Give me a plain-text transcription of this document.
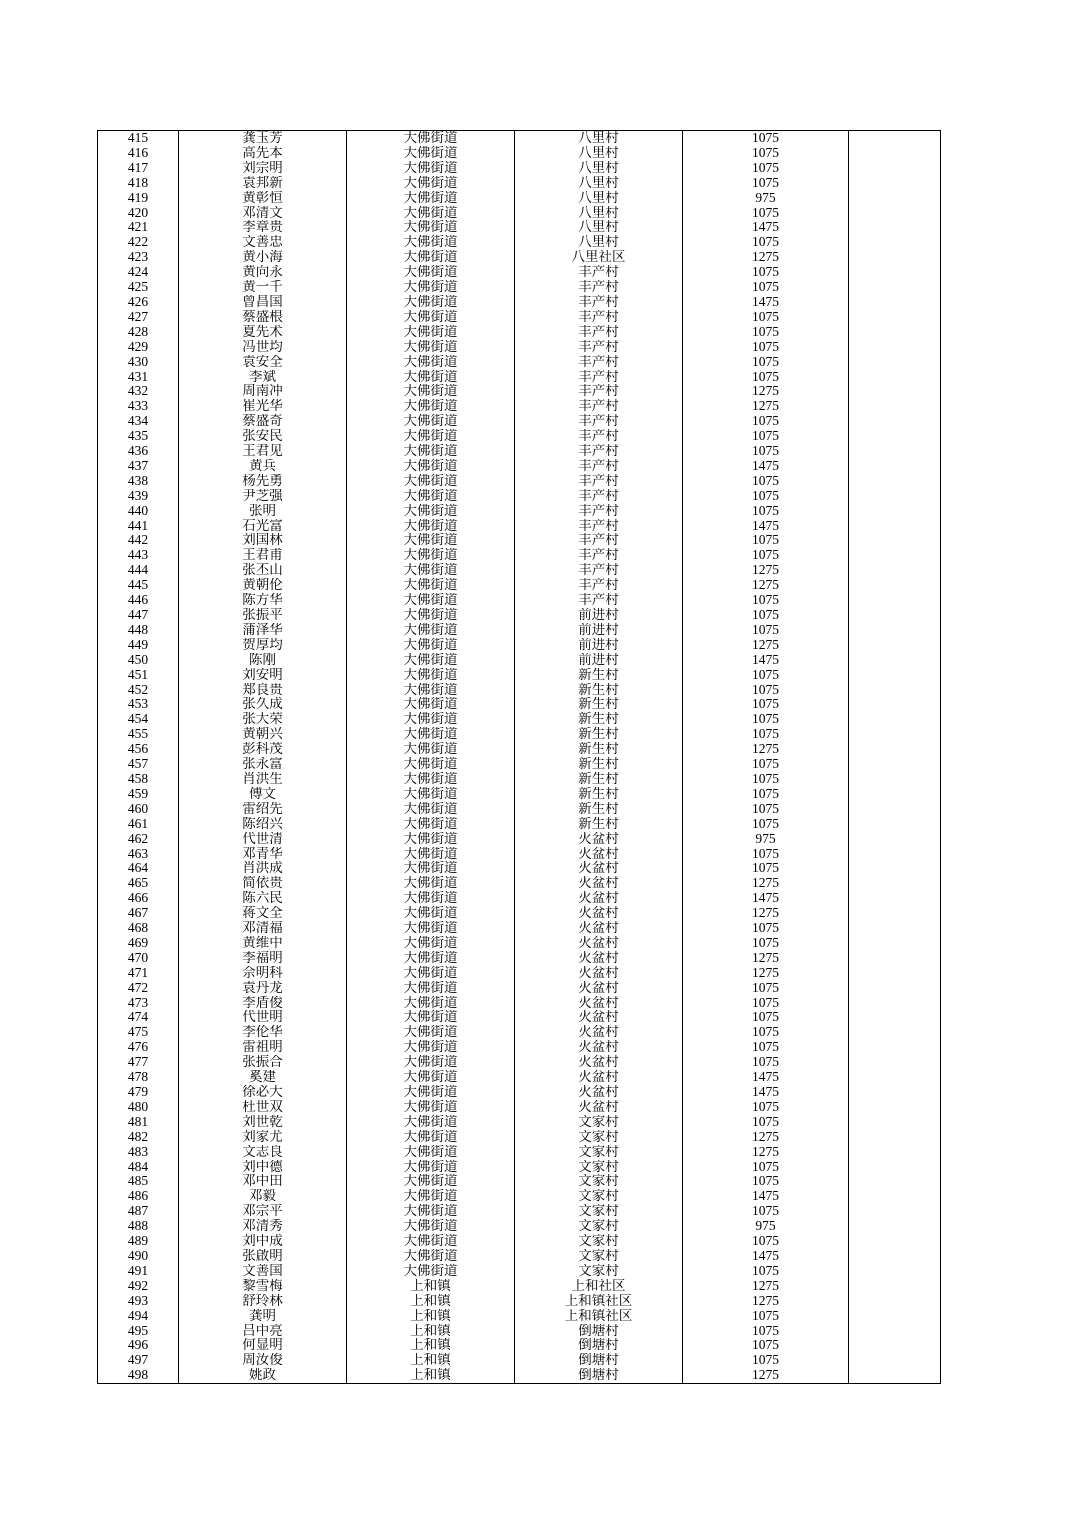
415	龚玉芳	大佛街道	八里村	1075	
416	高先本	大佛街道	八里村	1075	
417	刘宗明	大佛街道	八里村	1075	
418	袁邦新	大佛街道	八里村	1075	
419	黄彰恒	大佛街道	八里村	975	
420	邓清文	大佛街道	八里村	1075	
421	李章贵	大佛街道	八里村	1475	
422	文善忠	大佛街道	八里村	1075	
423	黄小海	大佛街道	八里社区	1275	
424	黄向永	大佛街道	丰产村	1075	
425	黄一千	大佛街道	丰产村	1075	
426	曾昌国	大佛街道	丰产村	1475	
427	蔡盛根	大佛街道	丰产村	1075	
428	夏先术	大佛街道	丰产村	1075	
429	冯世均	大佛街道	丰产村	1075	
430	袁安全	大佛街道	丰产村	1075	
431	李斌	大佛街道	丰产村	1075	
432	周南冲	大佛街道	丰产村	1275	
433	崔光华	大佛街道	丰产村	1275	
434	蔡盛奇	大佛街道	丰产村	1075	
435	张安民	大佛街道	丰产村	1075	
436	王君见	大佛街道	丰产村	1075	
437	黄兵	大佛街道	丰产村	1475	
438	杨先勇	大佛街道	丰产村	1075	
439	尹芝强	大佛街道	丰产村	1075	
440	张明	大佛街道	丰产村	1075	
441	石光富	大佛街道	丰产村	1475	
442	刘国林	大佛街道	丰产村	1075	
443	王君甫	大佛街道	丰产村	1075	
444	张丕山	大佛街道	丰产村	1275	
445	黄朝伦	大佛街道	丰产村	1275	
446	陈方华	大佛街道	丰产村	1075	
447	张振平	大佛街道	前进村	1075	
448	蒲泽华	大佛街道	前进村	1075	
449	贺厚均	大佛街道	前进村	1275	
450	陈刚	大佛街道	前进村	1475	
451	刘安明	大佛街道	新生村	1075	
452	郑良贵	大佛街道	新生村	1075	
453	张久成	大佛街道	新生村	1075	
454	张大荣	大佛街道	新生村	1075	
455	黄朝兴	大佛街道	新生村	1075	
456	彭科茂	大佛街道	新生村	1275	
457	张永富	大佛街道	新生村	1075	
458	肖洪生	大佛街道	新生村	1075	
459	傅文	大佛街道	新生村	1075	
460	雷绍先	大佛街道	新生村	1075	
461	陈绍兴	大佛街道	新生村	1075	
462	代世清	大佛街道	火盆村	975	
463	邓青华	大佛街道	火盆村	1075	
464	肖洪成	大佛街道	火盆村	1075	
465	简依贵	大佛街道	火盆村	1275	
466	陈六民	大佛街道	火盆村	1475	
467	蒋文全	大佛街道	火盆村	1275	
468	邓清福	大佛街道	火盆村	1075	
469	黄维中	大佛街道	火盆村	1075	
470	李福明	大佛街道	火盆村	1275	
471	佘明科	大佛街道	火盆村	1275	
472	袁丹龙	大佛街道	火盆村	1075	
473	李盾俊	大佛街道	火盆村	1075	
474	代世明	大佛街道	火盆村	1075	
475	李伦华	大佛街道	火盆村	1075	
476	雷祖明	大佛街道	火盆村	1075	
477	张振合	大佛街道	火盆村	1075	
478	奚建	大佛街道	火盆村	1475	
479	徐必大	大佛街道	火盆村	1475	
480	杜世双	大佛街道	火盆村	1075	
481	刘世乾	大佛街道	文家村	1075	
482	刘家尤	大佛街道	文家村	1275	
483	文志良	大佛街道	文家村	1275	
484	刘中德	大佛街道	文家村	1075	
485	邓中田	大佛街道	文家村	1075	
486	邓毅	大佛街道	文家村	1475	
487	邓宗平	大佛街道	文家村	1075	
488	邓清秀	大佛街道	文家村	975	
489	刘中成	大佛街道	文家村	1075	
490	张啟明	大佛街道	文家村	1475	
491	文善国	大佛街道	文家村	1075	
492	黎雪梅	上和镇	上和社区	1275	
493	舒玲林	上和镇	上和镇社区	1275	
494	龚明	上和镇	上和镇社区	1075	
495	吕中亮	上和镇	倒塘村	1075	
496	何显明	上和镇	倒塘村	1075	
497	周汝俊	上和镇	倒塘村	1075	
498	姚政	上和镇	倒塘村	1275	
